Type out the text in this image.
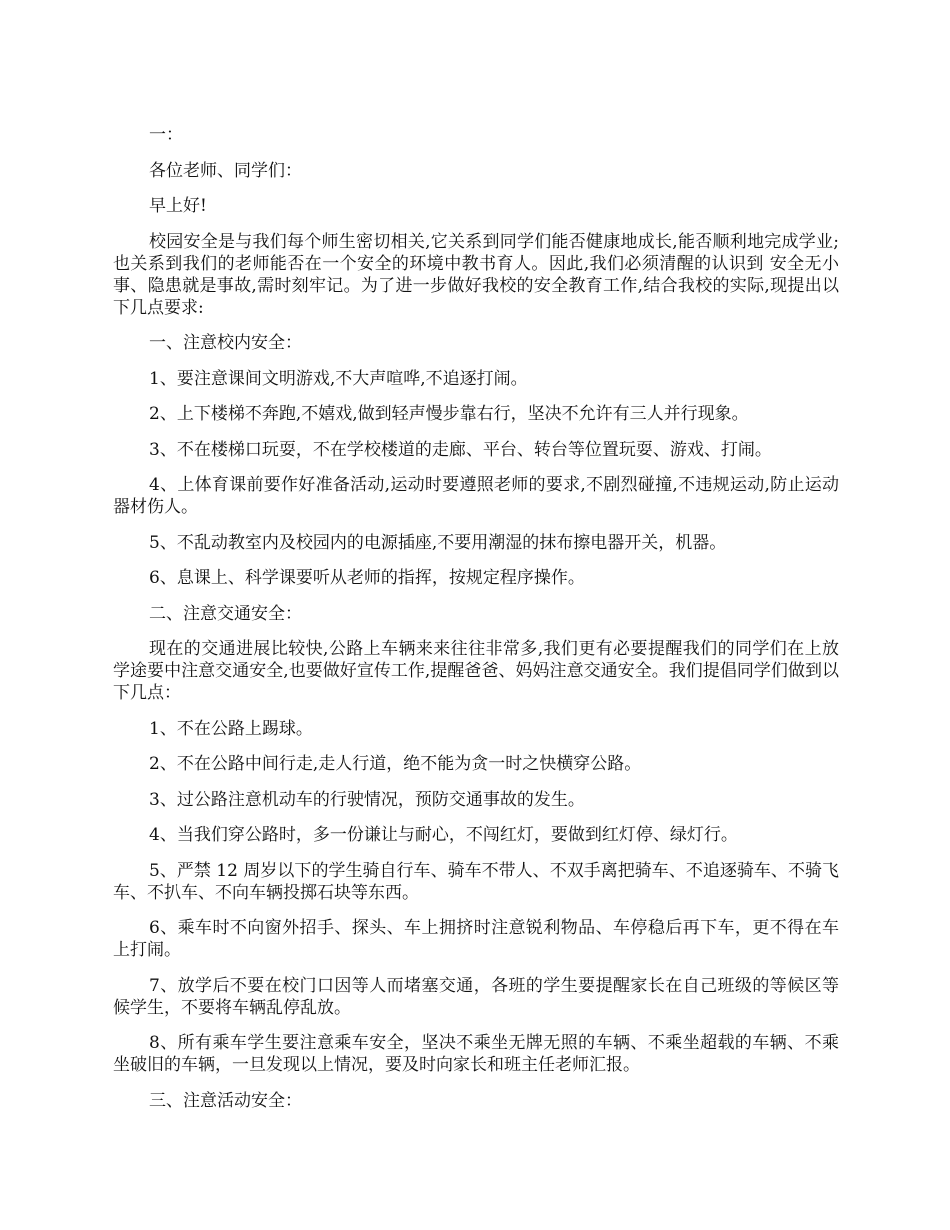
一：

各位老师、同学们：

早上好!

校园安全是与我们每个师生密切相关,它关系到同学们能否健康地成长,能否顺利地完成学业;也关系到我们的老师能否在一个安全的环境中教书育人。因此,我们必须清醒的认识到 安全无小事、隐患就是事故,需时刻牢记。为了进一步做好我校的安全教育工作,结合我校的实际,现提出以下几点要求:

一、注意校内安全：

1、要注意课间文明游戏,不大声喧哗,不追逐打闹。

2、上下楼梯不奔跑,不嬉戏,做到轻声慢步靠右行，坚决不允许有三人并行现象。

3、不在楼梯口玩耍，不在学校楼道的走廊、平台、转台等位置玩耍、游戏、打闹。

4、上体育课前要作好准备活动,运动时要遵照老师的要求,不剧烈碰撞,不违规运动,防止运动器材伤人。

5、不乱动教室内及校园内的电源插座,不要用潮湿的抹布擦电器开关，机器。

6、息课上、科学课要听从老师的指挥，按规定程序操作。

二、注意交通安全：

现在的交通进展比较快,公路上车辆来来往往非常多,我们更有必要提醒我们的同学们在上放学途要中注意交通安全,也要做好宣传工作,提醒爸爸、妈妈注意交通安全。我们提倡同学们做到以下几点：

1、不在公路上踢球。

2、不在公路中间行走,走人行道，绝不能为贪一时之快横穿公路。

3、过公路注意机动车的行驶情况，预防交通事故的发生。

4、当我们穿公路时，多一份谦让与耐心，不闯红灯，要做到红灯停、绿灯行。

5、严禁 12 周岁以下的学生骑自行车、骑车不带人、不双手离把骑车、不追逐骑车、不骑飞车、不扒车、不向车辆投掷石块等东西。

6、乘车时不向窗外招手、探头、车上拥挤时注意锐利物品、车停稳后再下车，更不得在车上打闹。

7、放学后不要在校门口因等人而堵塞交通，各班的学生要提醒家长在自己班级的等候区等候学生，不要将车辆乱停乱放。

8、所有乘车学生要注意乘车安全，坚决不乘坐无牌无照的车辆、不乘坐超载的车辆、不乘坐破旧的车辆，一旦发现以上情况，要及时向家长和班主任老师汇报。

三、注意活动安全：
